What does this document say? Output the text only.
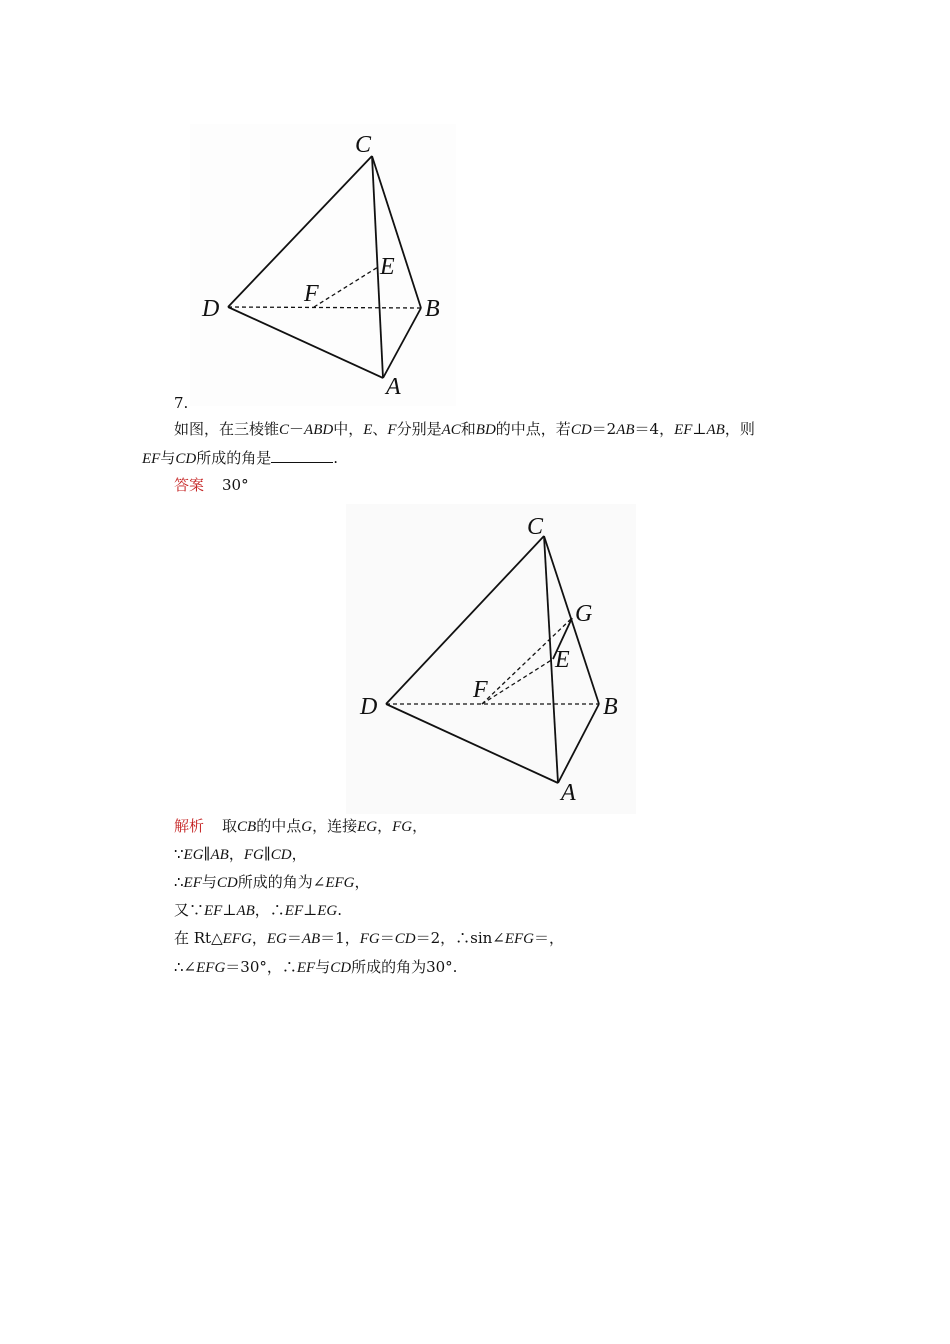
C
D	B
A
E
F
7.
如图，在三棱锥C－ABD中，E、F分别是AC和BD的中点，若CD＝2AB＝4，EF⊥AB，则
EF与CD所成的角是	.
答案 30°
C
D	B
A
E
F
G
解析 取CB的中点G，连接EG，FG，
∵EG∥AB，FG∥CD，
∴EF与CD所成的角为∠EFG，
又∵EF⊥AB，∴EF⊥EG.
在 Rt△EFG，EG＝AB＝1，FG＝CD＝2，∴sin∠EFG＝，
∴∠EFG＝30°，∴EF与CD所成的角为30°.
